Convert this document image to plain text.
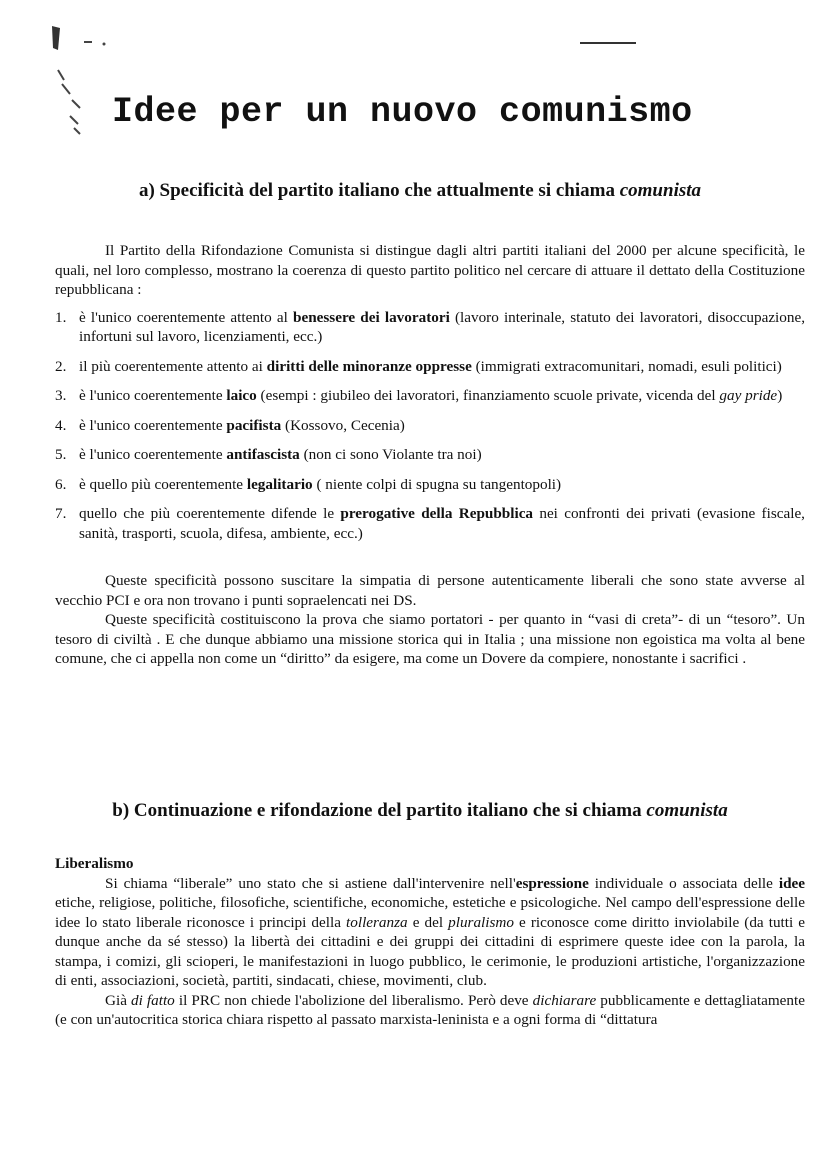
Idee per un nuovo comunismo
a) Specificità del partito italiano che attualmente si chiama comunista

Il Partito della Rifondazione Comunista si distingue dagli altri partiti italiani del 2000 per alcune specificità, le quali, nel loro complesso, mostrano la coerenza di questo partito politico nel cercare di attuare il dettato della Costituzione repubblicana :

1. è l'unico coerentemente attento al benessere dei lavoratori (lavoro interinale, statuto dei lavoratori, disoccupazione, infortuni sul lavoro, licenziamenti, ecc.)
2. il più coerentemente attento ai diritti delle minoranze oppresse (immigrati extracomunitari, nomadi, esuli politici)
3. è l'unico coerentemente laico (esempi : giubileo dei lavoratori, finanziamento scuole private, vicenda del gay pride)
4. è l'unico coerentemente pacifista (Kossovo, Cecenia)
5. è l'unico coerentemente antifascista (non ci sono Violante tra noi)
6. è quello più coerentemente legalitario ( niente colpi di spugna su tangentopoli)
7. quello che più coerentemente difende le prerogative della Repubblica nei confronti dei privati (evasione fiscale, sanità, trasporti, scuola, difesa, ambiente, ecc.)

Queste specificità possono suscitare la simpatia di persone autenticamente liberali che sono state avverse al vecchio PCI e ora non trovano i punti sopraelencati nei DS.

Queste specificità costituiscono la prova che siamo portatori - per quanto in “vasi di creta”- di un “tesoro”. Un tesoro di civiltà . E che dunque abbiamo una missione storica qui in Italia ; una missione non egoistica ma volta al bene comune, che ci appella non come un “diritto” da esigere, ma come un Dovere da compiere, nonostante i sacrifici .

b) Continuazione e rifondazione del partito italiano che si chiama comunista

Liberalismo

Si chiama “liberale” uno stato che si astiene dall'intervenire nell'espressione individuale o associata delle idee etiche, religiose, politiche, filosofiche, scientifiche, economiche, estetiche e psicologiche. Nel campo dell'espressione delle idee lo stato liberale riconosce i principi della tolleranza e del pluralismo e riconosce come diritto inviolabile (da tutti e dunque anche da sé stesso) la libertà dei cittadini e dei gruppi dei cittadini di esprimere queste idee con la parola, la stampa, i comizi, gli scioperi, le manifestazioni in luogo pubblico, le cerimonie, le produzioni artistiche, l'organizzazione di enti, associazioni, società, partiti, sindacati, chiese, movimenti, club.

Già di fatto il PRC non chiede l'abolizione del liberalismo. Però deve dichiarare pubblicamente e dettagliatamente (e con un'autocritica storica chiara rispetto al passato marxista-leninista e a ogni forma di “dittatura
